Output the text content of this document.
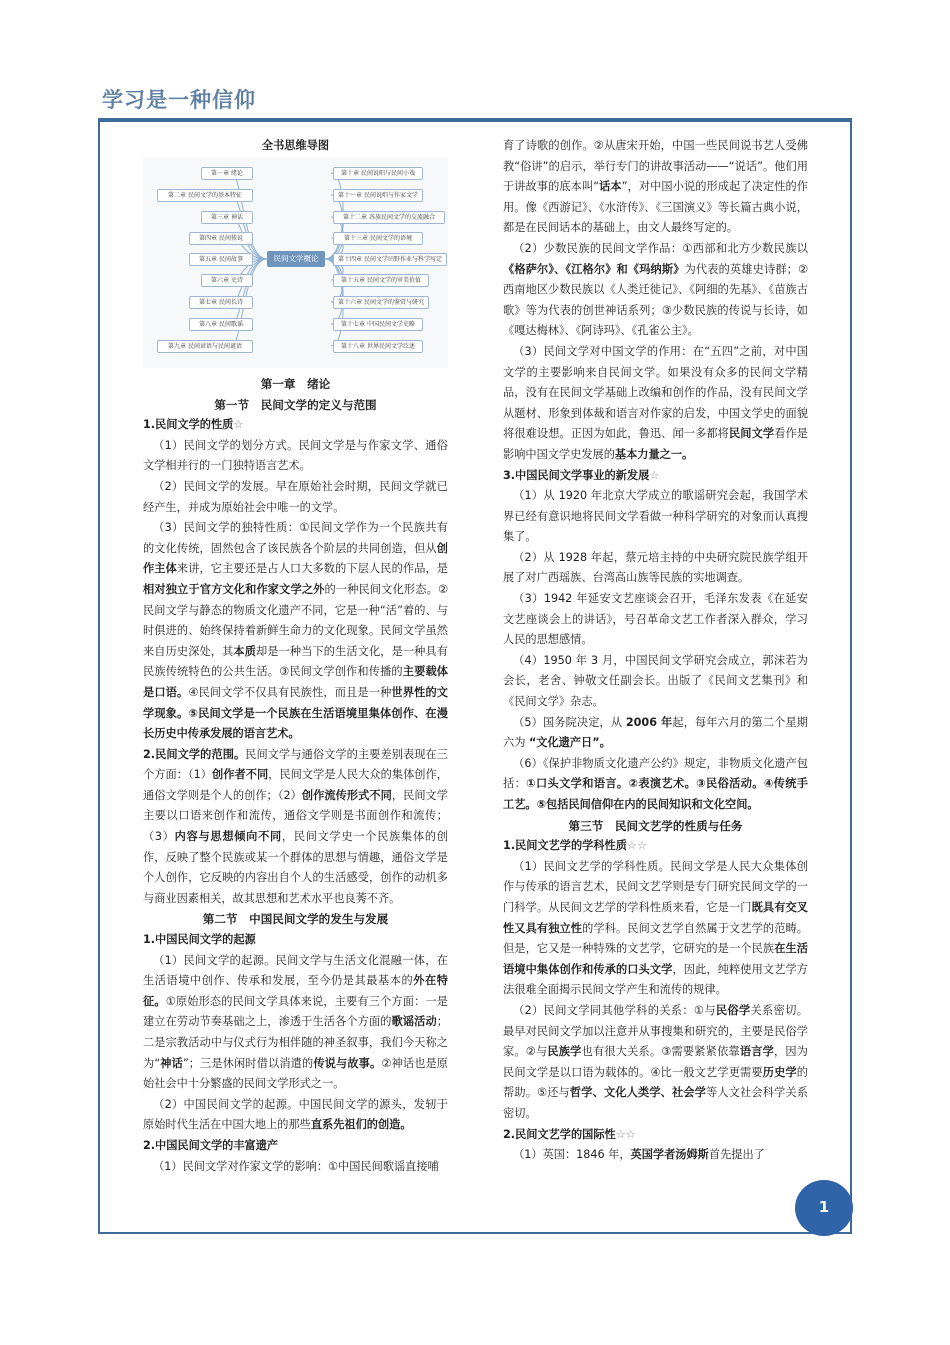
学习是一种信仰
全书思维导图
民间文学概论
第一章 绪论
第二章 民间文学的基本特征
第三章 神话
第四章 民间传说
第五章 民间故事
第六章 史诗
第七章 民间长诗
第八章 民间歌谣
第九章 民间谚语与民间谜语
第十章 民间说唱与民间小戏
第十一章 民间说唱与作家文学
第十二章 各族民间文学的交流融合
第十三章 民间文学的语境
第十四章 民间文学田野作业与科学写定
第十五章 民间文学的审美价值
第十六章 民间文学的鉴赏与研究
第十七章 中国民间文学史略
第十八章 世界民间文学泛述
第一章　绪论
第一节　民间文学的定义与范围
1.民间文学的性质☆

（1）民间文学的划分方式。民间文学是与作家文学、通俗文学相并行的一门独特语言艺术。

（2）民间文学的发展。早在原始社会时期，民间文学就已经产生，并成为原始社会中唯一的文学。

（3）民间文学的独特性质：①民间文学作为一个民族共有的文化传统，固然包含了该民族各个阶层的共同创造，但从创作主体来讲，它主要还是占人口大多数的下层人民的作品，是相对独立于官方文化和作家文学之外的一种民间文化形态。②民间文学与静态的物质文化遗产不同，它是一种“活”着的、与时俱进的、始终保持着新鲜生命力的文化现象。民间文学虽然来自历史深处，其本质却是一种当下的生活文化，是一种具有民族传统特色的公共生活。③民间文学创作和传播的主要载体是口语。④民间文学不仅具有民族性，而且是一种世界性的文学现象。⑤民间文学是一个民族在生活语境里集体创作、在漫长历史中传承发展的语言艺术。

2.民间文学的范围。民间文学与通俗文学的主要差别表现在三个方面：（1）创作者不同，民间文学是人民大众的集体创作，通俗文学则是个人的创作；（2）创作流传形式不同，民间文学主要以口语来创作和流传，通俗文学则是书面创作和流传；（3）内容与思想倾向不同，民间文学史一个民族集体的创作，反映了整个民族或某一个群体的思想与情趣，通俗文学是个人创作，它反映的内容出自个人的生活感受，创作的动机多与商业因素相关，故其思想和艺术水平也良莠不齐。

第二节　中国民间文学的发生与发展
1.中国民间文学的起源

（1）民间文学的起源。民间文学与生活文化混融一体，在生活语境中创作、传承和发展，至今仍是其最基本的外在特征。①原始形态的民间文学具体来说，主要有三个方面：一是建立在劳动节奏基础之上，渗透于生活各个方面的歌谣活动；二是宗教活动中与仪式行为相伴随的神圣叙事，我们今天称之为“神话”；三是休闲时借以消遣的传说与故事。②神话也是原始社会中十分繁盛的民间文学形式之一。

（2）中国民间文学的起源。中国民间文学的源头，发轫于原始时代生活在中国大地上的那些直系先祖们的创造。

2.中国民间文学的丰富遗产

（1）民间文学对作家文学的影响：①中国民间歌谣直接哺

育了诗歌的创作。②从唐宋开始，中国一些民间说书艺人受佛教“俗讲”的启示，举行专门的讲故事活动——“说话”。他们用于讲故事的底本叫“话本”，对中国小说的形成起了决定性的作用。像《西游记》、《水浒传》、《三国演义》等长篇古典小说，都是在民间话本的基础上，由文人最终写定的。

（2）少数民族的民间文学作品：①西部和北方少数民族以《格萨尔》、《江格尔》和《玛纳斯》为代表的英雄史诗群；②西南地区少数民族以《人类迁徙记》、《阿细的先基》、《苗族古歌》等为代表的创世神话系列；③少数民族的传说与长诗，如《嘎达梅林》、《阿诗玛》、《孔雀公主》。

（3）民间文学对中国文学的作用：在“五四”之前，对中国文学的主要影响来自民间文学。如果没有众多的民间文学精品，没有在民间文学基础上改编和创作的作品，没有民间文学从题材、形象到体裁和语言对作家的启发，中国文学史的面貌将很难设想。正因为如此，鲁迅、闻一多都将民间文学看作是影响中国文学史发展的基本力量之一。

3.中国民间文学事业的新发展☆

（1）从 1920 年北京大学成立的歌谣研究会起，我国学术界已经有意识地将民间文学看做一种科学研究的对象而认真搜集了。

（2）从 1928 年起，蔡元培主持的中央研究院民族学组开展了对广西瑶族、台湾高山族等民族的实地调查。

（3）1942 年延安文艺座谈会召开，毛泽东发表《在延安文艺座谈会上的讲话》，号召革命文艺工作者深入群众，学习人民的思想感情。

（4）1950 年 3 月，中国民间文学研究会成立，郭沫若为会长，老舍、钟敬文任副会长。出版了《民间文艺集刊》和《民间文学》杂志。

（5）国务院决定，从 2006 年起，每年六月的第二个星期六为 “文化遗产日”。

（6）《保护非物质文化遗产公约》规定，非物质文化遗产包括：①口头文学和语言。②表演艺术。③民俗活动。④传统手工艺。⑤包括民间信仰在内的民间知识和文化空间。

第三节　民间文艺学的性质与任务
1.民间文艺学的学科性质☆☆

（1）民间文艺学的学科性质。民间文学是人民大众集体创作与传承的语言艺术，民间文艺学则是专门研究民间文学的一门科学。从民间文艺学的学科性质来看，它是一门既具有交叉性又具有独立性的学科。民间文艺学自然属于文艺学的范畴。但是，它又是一种特殊的文艺学，它研究的是一个民族在生活语境中集体创作和传承的口头文学，因此，纯粹使用文艺学方法很难全面揭示民间文学产生和流传的规律。

（2）民间文学同其他学科的关系：①与民俗学关系密切。最早对民间文学加以注意并从事搜集和研究的，主要是民俗学家。②与民族学也有很大关系。③需要紧紧依靠语言学，因为民间文学是以口语为载体的。④比一般文艺学更需要历史学的帮助。⑤还与哲学、文化人类学、社会学等人文社会科学关系密切。

2.民间文艺学的国际性☆☆

（1）英国：1846 年，英国学者汤姆斯首先提出了

1
